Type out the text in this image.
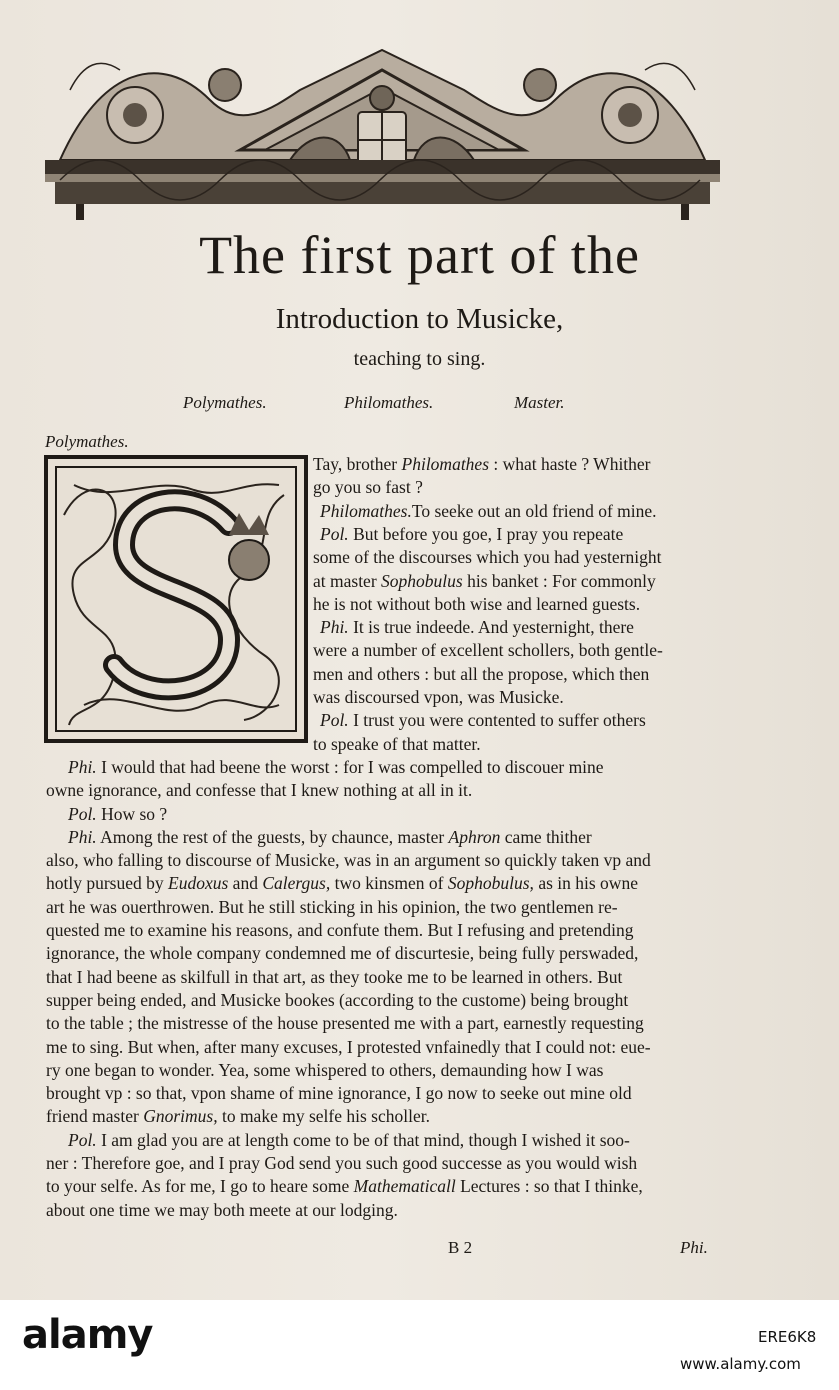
The first part of the
Introduction to Musicke,
teaching to sing.
Polymathes.	Philomathes.	Master.
Polymathes.
Tay, brother Philomathes : what haste ? Whither
go you so fast ?
Philomathes.To seeke out an old friend of mine.
Pol. But before you goe, I pray you repeate
some of the discourses which you had yesternight
at master Sophobulus his banket : For commonly
he is not without both wise and learned guests.
Phi. It is true indeede. And yesternight, there
were a number of excellent schollers, both gentle-
men and others : but all the propose, which then
was discoursed vpon, was Musicke.
Pol. I trust you were contented to suffer others
to speake of that matter.
Phi. I would that had beene the worst : for I was compelled to discouer mine
owne ignorance, and confesse that I knew nothing at all in it.
Pol. How so ?
Phi. Among the rest of the guests, by chaunce, master Aphron came thither
also, who falling to discourse of Musicke, was in an argument so quickly taken vp and
hotly pursued by Eudoxus and Calergus, two kinsmen of Sophobulus, as in his owne
art he was ouerthrowen. But he still sticking in his opinion, the two gentlemen re-
quested me to examine his reasons, and confute them. But I refusing and pretending
ignorance, the whole company condemned me of discurtesie, being fully perswaded,
that I had beene as skilfull in that art, as they tooke me to be learned in others. But
supper being ended, and Musicke bookes (according to the custome) being brought
to the table ; the mistresse of the house presented me with a part, earnestly requesting
me to sing. But when, after many excuses, I protested vnfainedly that I could not: eue-
ry one began to wonder. Yea, some whispered to others, demaunding how I was
brought vp : so that, vpon shame of mine ignorance, I go now to seeke out mine old
friend master Gnorimus, to make my selfe his scholler.
Pol. I am glad you are at length come to be of that mind, though I wished it soo-
ner : Therefore goe, and I pray God send you such good successe as you would wish
to your selfe. As for me, I go to heare some Mathematicall Lectures : so that I thinke,
about one time we may both meete at our lodging.
B 2	Phi.
alamy	ERE6K8
www.alamy.com
